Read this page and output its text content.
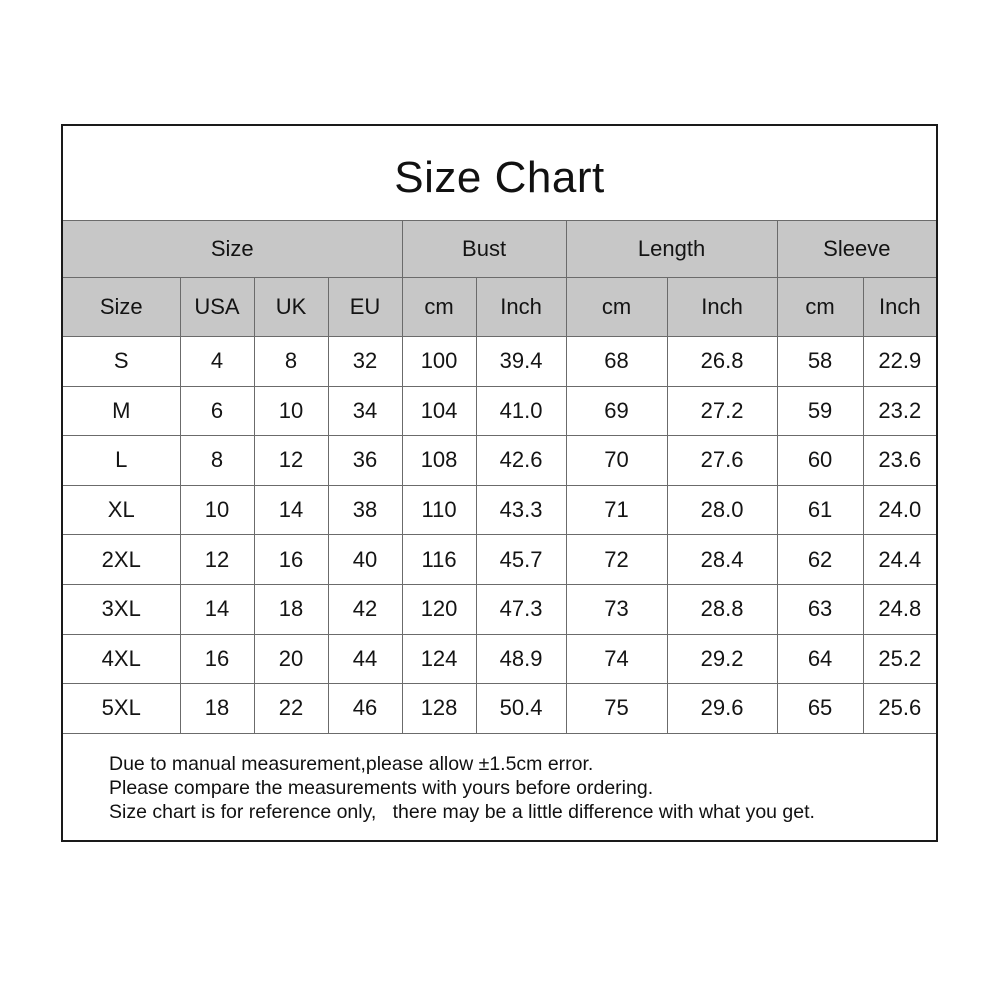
Size Chart
Size				Bust		Length		Sleeve	
Size	USA	UK	EU	cm	Inch	cm	Inch	cm	Inch
S	4	8	32	100	39.4	68	26.8	58	22.9
M	6	10	34	104	41.0	69	27.2	59	23.2
L	8	12	36	108	42.6	70	27.6	60	23.6
XL	10	14	38	110	43.3	71	28.0	61	24.0
2XL	12	16	40	116	45.7	72	28.4	62	24.4
3XL	14	18	42	120	47.3	73	28.8	63	24.8
4XL	16	20	44	124	48.9	74	29.2	64	25.2
5XL	18	22	46	128	50.4	75	29.6	65	25.6
Due to manual measurement,please allow ±1.5cm error.
Please compare the measurements with yours before ordering.
Size chart is for reference only,   there may be a little difference with what you get.
